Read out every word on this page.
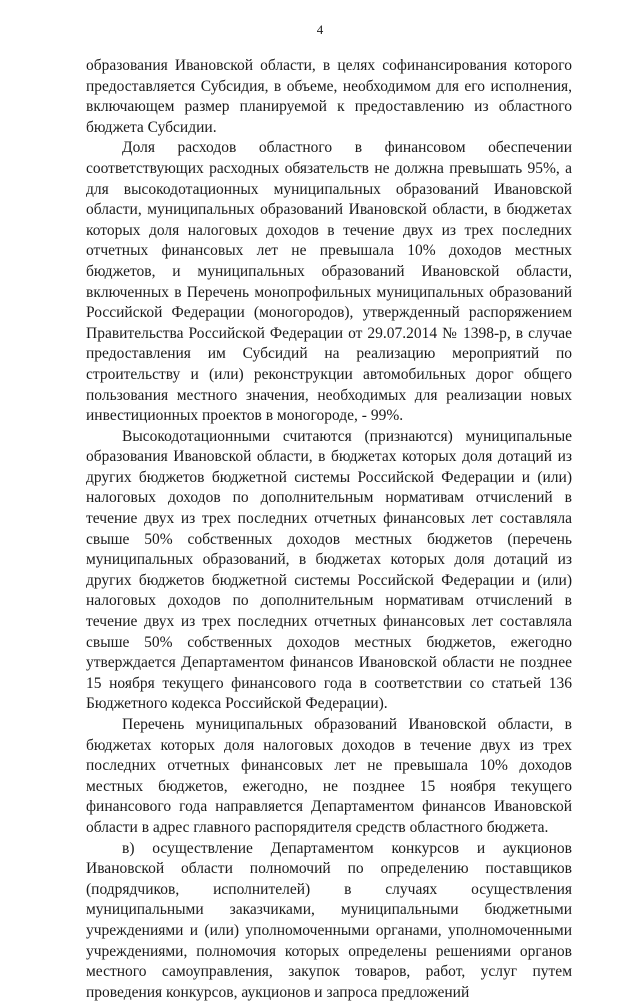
4

образования Ивановской области, в целях софинансирования которого предоставляется Субсидия, в объеме, необходимом для его исполнения, включающем размер планируемой к предоставлению из областного бюджета Субсидии.

Доля расходов областного в финансовом обеспечении соответствующих расходных обязательств не должна превышать 95%, а для высокодотационных муниципальных образований Ивановской области, муниципальных образований Ивановской области, в бюджетах которых доля налоговых доходов в течение двух из трех последних отчетных финансовых лет не превышала 10% доходов местных бюджетов, и муниципальных образований Ивановской области, включенных в Перечень монопрофильных муниципальных образований Российской Федерации (моногородов), утвержденный распоряжением Правительства Российской Федерации от 29.07.2014 № 1398-р, в случае предоставления им Субсидий на реализацию мероприятий по строительству и (или) реконструкции автомобильных дорог общего пользования местного значения, необходимых для реализации новых инвестиционных проектов в моногороде, - 99%.

Высокодотационными считаются (признаются) муниципальные образования Ивановской области, в бюджетах которых доля дотаций из других бюджетов бюджетной системы Российской Федерации и (или) налоговых доходов по дополнительным нормативам отчислений в течение двух из трех последних отчетных финансовых лет составляла свыше 50% собственных доходов местных бюджетов (перечень муниципальных образований, в бюджетах которых доля дотаций из других бюджетов бюджетной системы Российской Федерации и (или) налоговых доходов по дополнительным нормативам отчислений в течение двух из трех последних отчетных финансовых лет составляла свыше 50% собственных доходов местных бюджетов, ежегодно утверждается Департаментом финансов Ивановской области не позднее 15 ноября текущего финансового года в соответствии со статьей 136 Бюджетного кодекса Российской Федерации).

Перечень муниципальных образований Ивановской области, в бюджетах которых доля налоговых доходов в течение двух из трех последних отчетных финансовых лет не превышала 10% доходов местных бюджетов, ежегодно, не позднее 15 ноября текущего финансового года направляется Департаментом финансов Ивановской области в адрес главного распорядителя средств областного бюджета.

в) осуществление Департаментом конкурсов и аукционов Ивановской области полномочий по определению поставщиков (подрядчиков, исполнителей) в случаях осуществления муниципальными заказчиками, муниципальными бюджетными учреждениями и (или) уполномоченными органами, уполномоченными учреждениями, полномочия которых определены решениями органов местного самоуправления, закупок товаров, работ, услуг путем проведения конкурсов, аукционов и запроса предложений
